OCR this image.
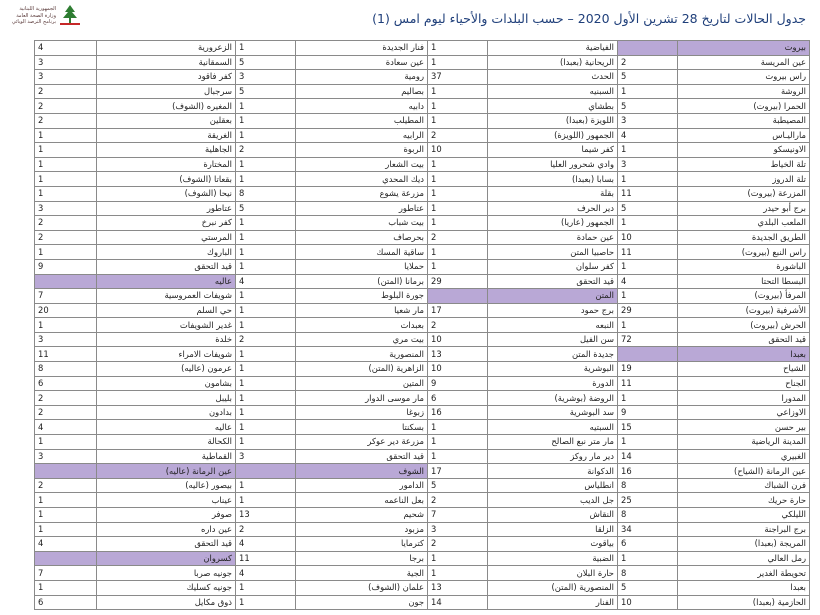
الجمهورية اللبنانية
وزارة الصحة العامة
برنامج الترصد الوبائي	جدول الحالات لتاريخ 28 تشرين الأول 2020 – حسب البلدات والأحياء ليوم امس (1)
بيروت		الفياضية	1	فنار الجديدة	1	الزعرورية	4
عين المريسة	2	الريحانية (بعبدا)	1	عين سعادة	5	السمقانية	3
راس بيروت	5	الحدث	37	رومية	3	كفر فاقود	3
الروشة	1	السبنيه	1	بصاليم	5	سرجبال	2
الحمرا (بيروت)	5	بطشاي	1	دابيه	1	المغيره (الشوف)	2
المصيطبة	3	اللويزة (بعبدا)	1	المطيلب	1	بعقلين	2
ماراليـاس	4	الجمهور (اللويزة)	2	الرابيه	1	الغريقة	1
الاونيسكو	1	كفر شيما	10	الربوة	2	الجاهلية	1
تلة الخياط	3	وادي شحرور العليا	1	بيت الشعار	1	المختارة	1
تلة الدروز	1	بسابا (بعبدا)	1	ديك المحدي	1	بقعاتا (الشوف)	1
المزرعة (بيروت)	11	بقلة	1	مزرعة يشوع	8	نيحا (الشوف)	1
برج أبو حيدر	5	دير الحرف	1	عتاطور	5	عتاطور	3
الملعب البلدي	1	الجمهور (عاريا)	1	بيت شباب	1	كفر نبرخ	2
الطريق الجديدة	10	عين حمادة	2	بحرصاف	1	المرستي	2
راس النبع (بيروت)	11	حاصبيا المتن	1	ساقية المسك	1	الباروك	1
الباشورة	1	كفر سلوان	1	حملايا	1	قيد التحقق	9
البسطا التحتا	4	قيد التحقق	29	برمانا (المتن)	4	عاليه	
المرفأ (بيروت)	1	المتن		جورة البلوط	1	شويفات العمروسية	7
الأشرفية (بيروت)	29	برج حمود	17	مار شعيا	1	حي السلم	20
الحرش (بيروت)	1	النبعه	2	بعبدات	1	غدير الشويفات	1
قيد التحقق	72	سن الفيل	10	بيت مري	2	خلدة	3
بعبدا		جديدة المتن	13	المنصورية	1	شويفات الامراء	11
الشياح	19	البوشرية	10	الزاهرية (المتن)	1	عرمون (عاليه)	8
الجناح	11	الدورة	9	المتين	1	بشامون	6
المدورا	1	الروضة (بوشرية)	6	مار موسى الدوار	1	بليبل	2
الاوزاعي	9	سد البوشرية	16	زبوغا	1	بدادون	2
بير حسن	15	السبتيه	1	بسكنتا	1	عاليه	4
المدينة الرياضية	1	مار متر نبع الصالح	1	مزرعة دير عوكر	1	الكحالة	1
الغبيري	14	دير مار روكز	1	قيد التحقق	3	القماطية	3
عين الرمانة (الشياح)	16	الدكوانة	17	الشوف		عين الرمانة (عاليه)	
فرن الشباك	8	انطلياس	5	الدامور	1	بيصور (عاليه)	2
حارة حريك	25	جل الديب	2	بعل الناعمه	1	عيناب	1
الليلكي	8	النقاش	7	شحيم	13	صوفر	1
برج البراجنة	34	الزلقا	3	مزبود	2	عين داره	1
المريجة (بعبدا)	6	بياقوت	2	كترمايا	4	قيد التحقق	4
رمل العالي	1	الضبية	1	برجا	11	كسروان	
تحويطة الغدير	8	حارة البلان	1	الجية	4	جونيه صربا	7
بعبدا	5	المنصورية (المتن)	13	علمان (الشوف)	1	جونيه كسليك	1
الحازمية (بعبدا)	10	الفنار	14	جون	1	ذوق مكايل	6
